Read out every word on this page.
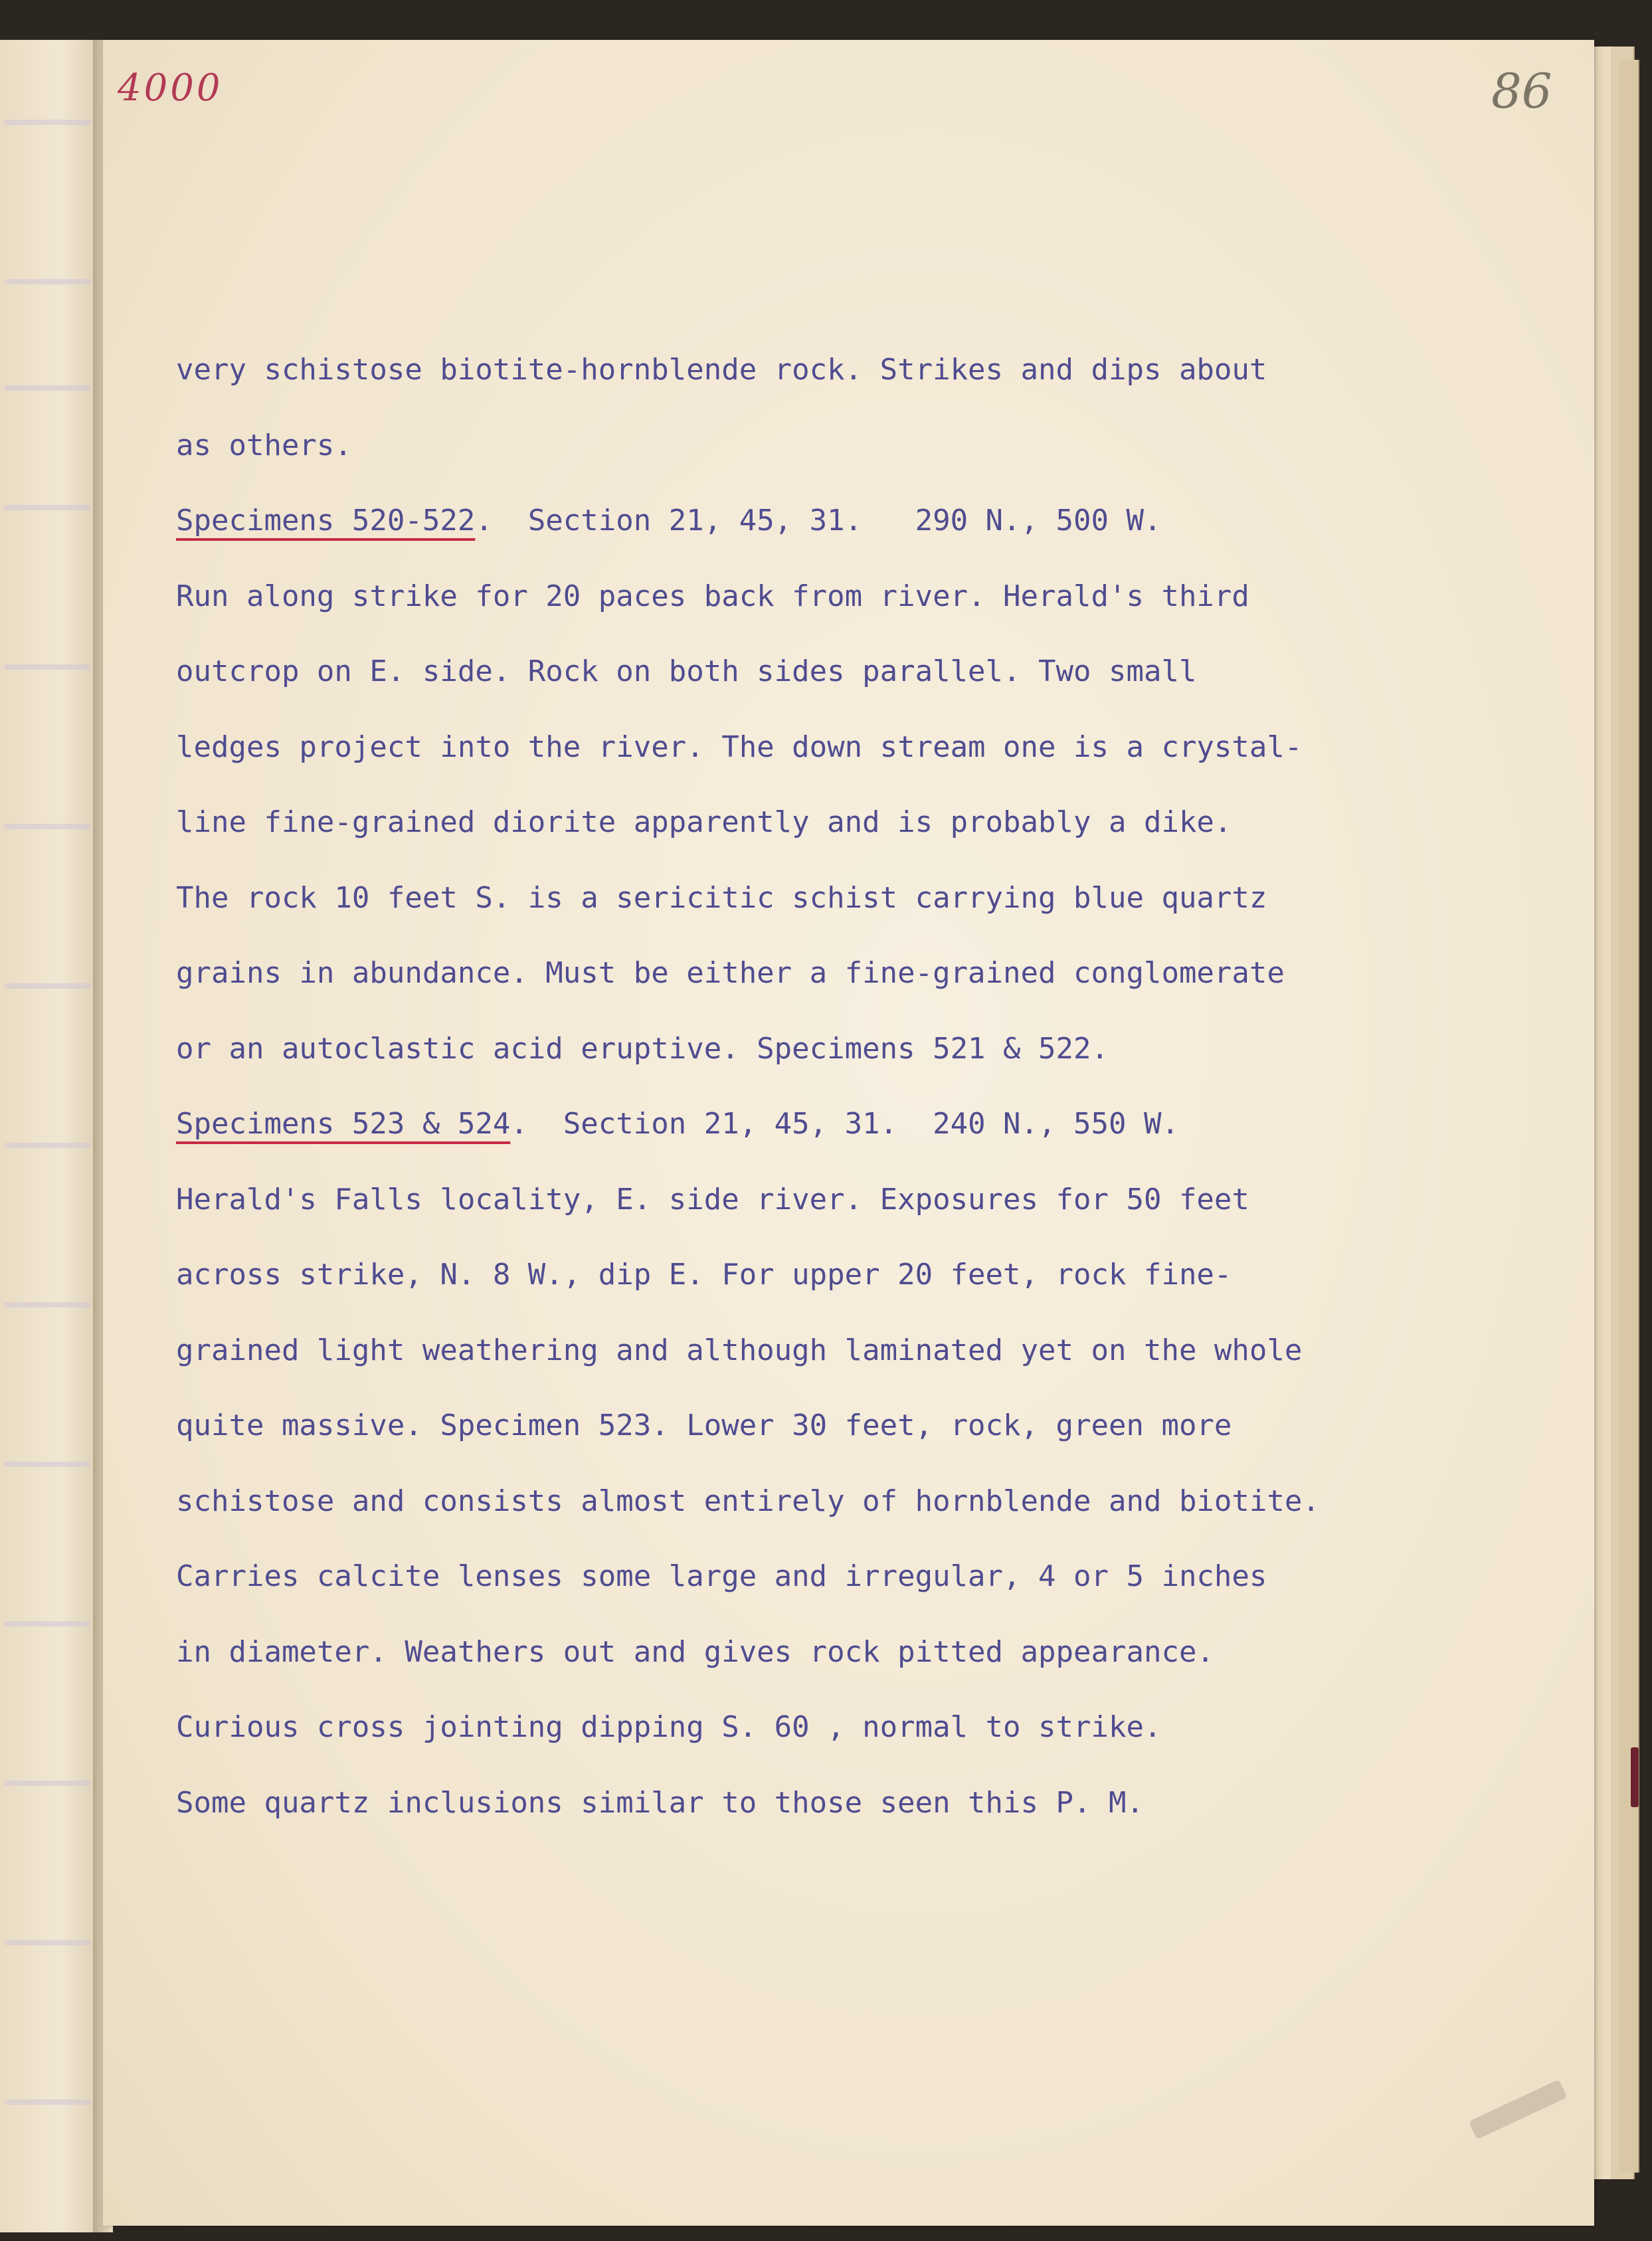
4000	86
very schistose biotite-hornblende rock. Strikes and dips about
as others.
Specimens 520-522.  Section 21, 45, 31.   290 N., 500 W.
Run along strike for 20 paces back from river. Herald's third
outcrop on E. side. Rock on both sides parallel. Two small
ledges project into the river. The down stream one is a crystal-
line fine-grained diorite apparently and is probably a dike.
The rock 10 feet S. is a sericitic schist carrying blue quartz
grains in abundance. Must be either a fine-grained conglomerate
or an autoclastic acid eruptive. Specimens 521 & 522.
Specimens 523 & 524.  Section 21, 45, 31.  240 N., 550 W.
Herald's Falls locality, E. side river. Exposures for 50 feet
across strike, N. 8 W., dip E. For upper 20 feet, rock fine-
grained light weathering and although laminated yet on the whole
quite massive. Specimen 523. Lower 30 feet, rock, green more
schistose and consists almost entirely of hornblende and biotite.
Carries calcite lenses some large and irregular, 4 or 5 inches
in diameter. Weathers out and gives rock pitted appearance.
Curious cross jointing dipping S. 60 , normal to strike.
Some quartz inclusions similar to those seen this P. M.
